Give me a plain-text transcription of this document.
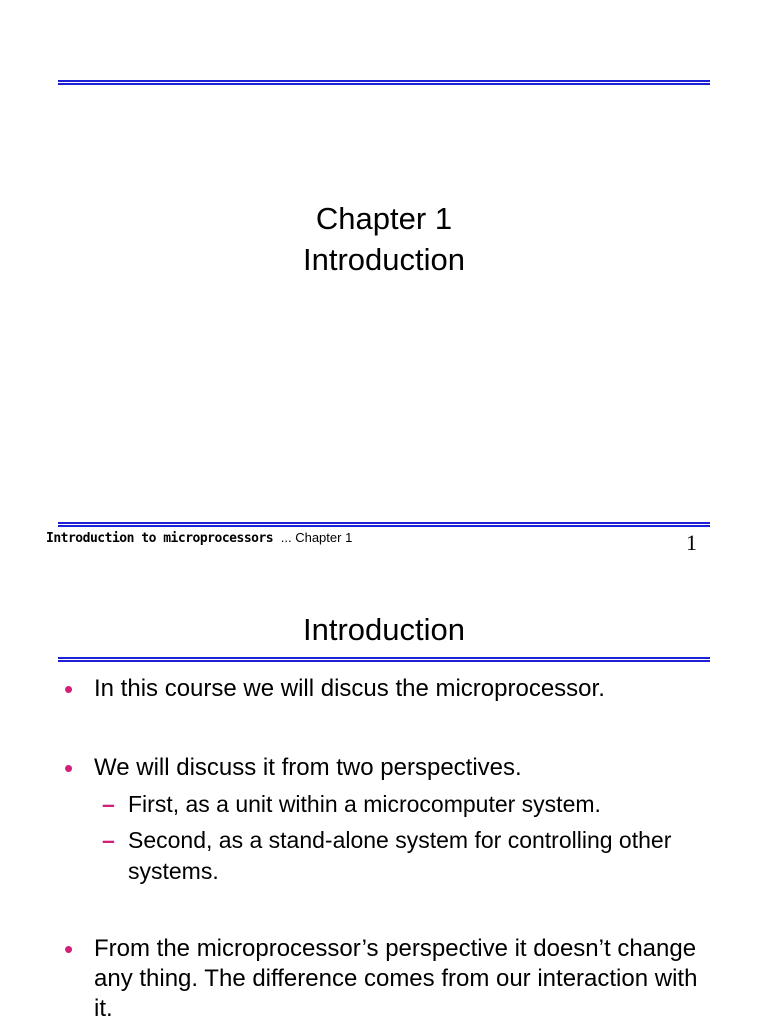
Chapter 1
Introduction
Introduction to microprocessors ... Chapter 1	1
Introduction
• In this course we will discus the microprocessor.
• We will discuss it from two perspectives.
– First, as a unit within a microcomputer system.
– Second, as a stand-alone system for controlling other systems.
• From the microprocessor’s perspective it doesn’t change any thing. The difference comes from our interaction with it.
